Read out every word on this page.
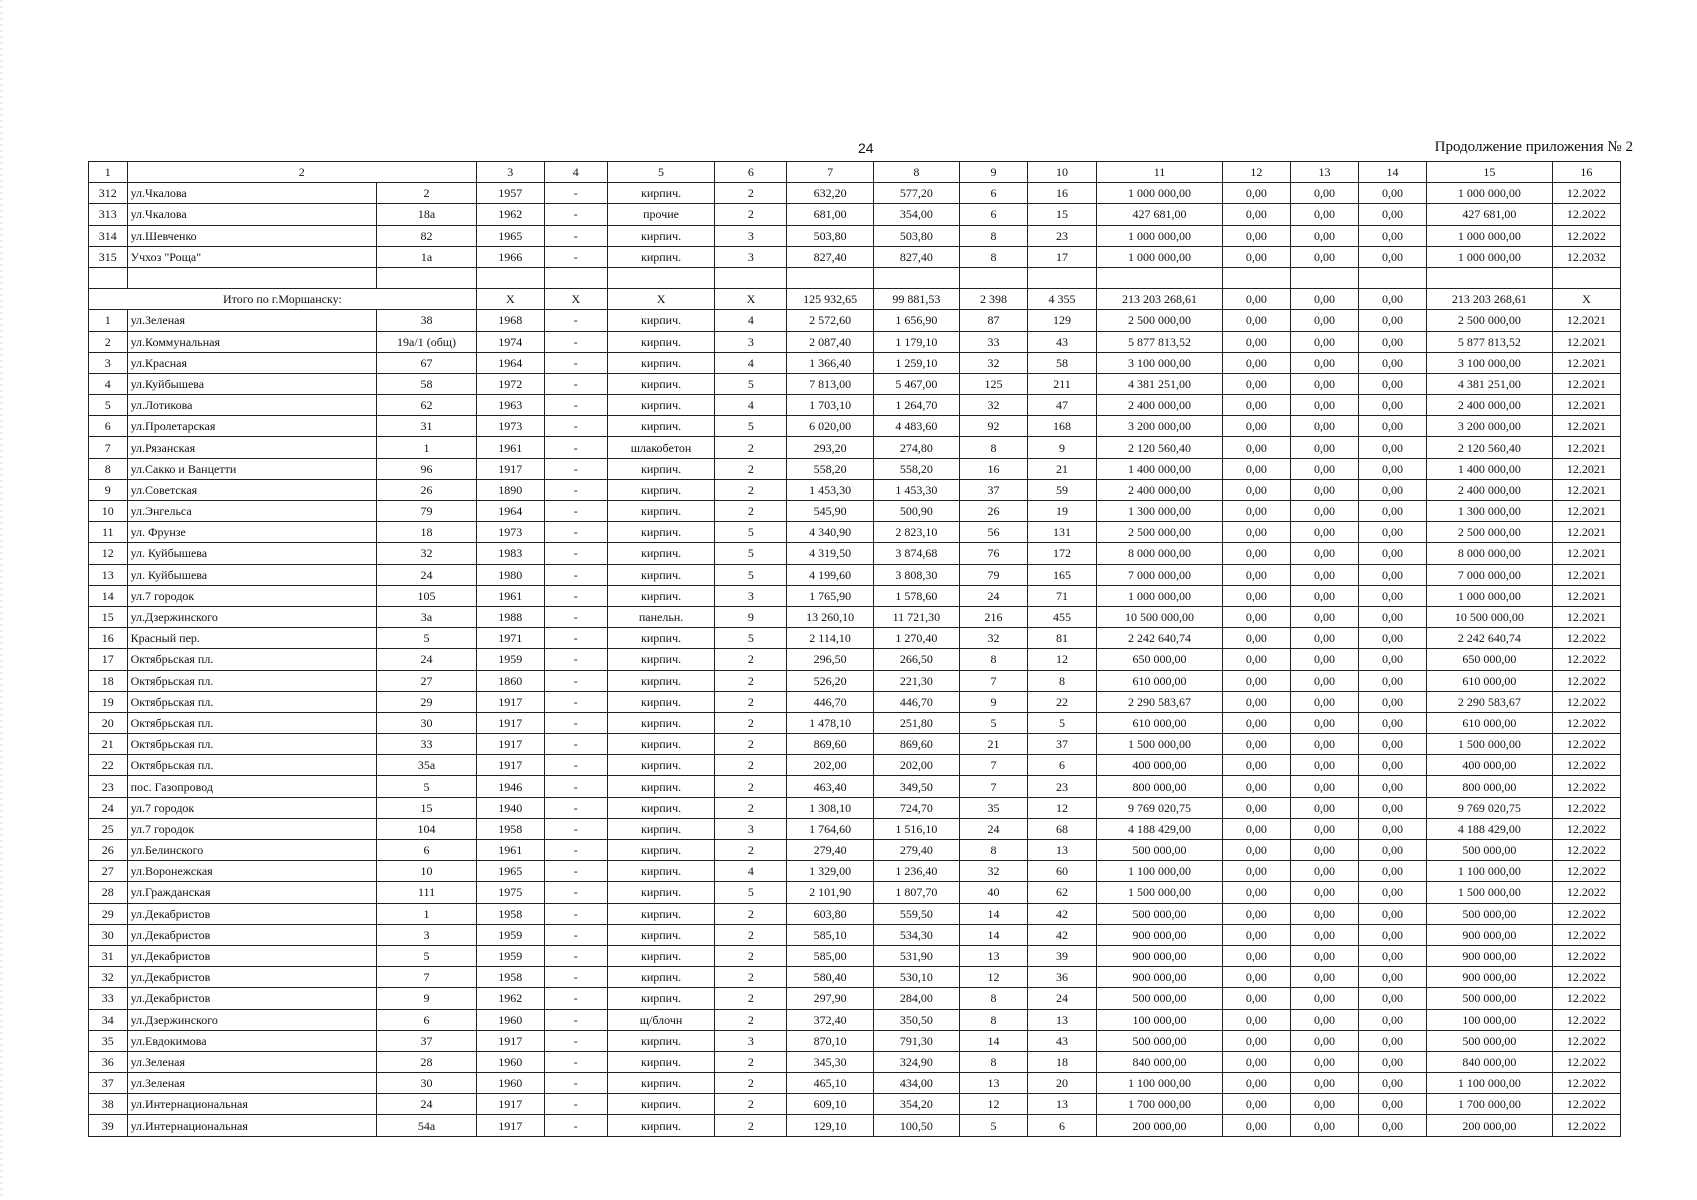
24	Продолжение приложения № 2
1	2		3	4	5	6	7	8	9	10	11	12	13	14	15	16
312	ул.Чкалова	2	1957	-	кирпич.	2	632,20	577,20	6	16	1 000 000,00	0,00	0,00	0,00	1 000 000,00	12.2022
313	ул.Чкалова	18а	1962	-	прочие	2	681,00	354,00	6	15	427 681,00	0,00	0,00	0,00	427 681,00	12.2022
314	ул.Шевченко	82	1965	-	кирпич.	3	503,80	503,80	8	23	1 000 000,00	0,00	0,00	0,00	1 000 000,00	12.2022
315	Учхоз "Роща"	1а	1966	-	кирпич.	3	827,40	827,40	8	17	1 000 000,00	0,00	0,00	0,00	1 000 000,00	12.2032

Итого по г.Моршанску:			X	X	X	X	125 932,65	99 881,53	2 398	4 355	213 203 268,61	0,00	0,00	0,00	213 203 268,61	X
1	ул.Зеленая	38	1968	-	кирпич.	4	2 572,60	1 656,90	87	129	2 500 000,00	0,00	0,00	0,00	2 500 000,00	12.2021
2	ул.Коммунальная	19а/1 (общ)	1974	-	кирпич.	3	2 087,40	1 179,10	33	43	5 877 813,52	0,00	0,00	0,00	5 877 813,52	12.2021
3	ул.Красная	67	1964	-	кирпич.	4	1 366,40	1 259,10	32	58	3 100 000,00	0,00	0,00	0,00	3 100 000,00	12.2021
4	ул.Куйбышева	58	1972	-	кирпич.	5	7 813,00	5 467,00	125	211	4 381 251,00	0,00	0,00	0,00	4 381 251,00	12.2021
5	ул.Лотикова	62	1963	-	кирпич.	4	1 703,10	1 264,70	32	47	2 400 000,00	0,00	0,00	0,00	2 400 000,00	12.2021
6	ул.Пролетарская	31	1973	-	кирпич.	5	6 020,00	4 483,60	92	168	3 200 000,00	0,00	0,00	0,00	3 200 000,00	12.2021
7	ул.Рязанская	1	1961	-	шлакобетон	2	293,20	274,80	8	9	2 120 560,40	0,00	0,00	0,00	2 120 560,40	12.2021
8	ул.Сакко и Ванцетти	96	1917	-	кирпич.	2	558,20	558,20	16	21	1 400 000,00	0,00	0,00	0,00	1 400 000,00	12.2021
9	ул.Советская	26	1890	-	кирпич.	2	1 453,30	1 453,30	37	59	2 400 000,00	0,00	0,00	0,00	2 400 000,00	12.2021
10	ул.Энгельса	79	1964	-	кирпич.	2	545,90	500,90	26	19	1 300 000,00	0,00	0,00	0,00	1 300 000,00	12.2021
11	ул. Фрунзе	18	1973	-	кирпич.	5	4 340,90	2 823,10	56	131	2 500 000,00	0,00	0,00	0,00	2 500 000,00	12.2021
12	ул. Куйбышева	32	1983	-	кирпич.	5	4 319,50	3 874,68	76	172	8 000 000,00	0,00	0,00	0,00	8 000 000,00	12.2021
13	ул. Куйбышева	24	1980	-	кирпич.	5	4 199,60	3 808,30	79	165	7 000 000,00	0,00	0,00	0,00	7 000 000,00	12.2021
14	ул.7 городок	105	1961	-	кирпич.	3	1 765,90	1 578,60	24	71	1 000 000,00	0,00	0,00	0,00	1 000 000,00	12.2021
15	ул.Дзержинского	3а	1988	-	панельн.	9	13 260,10	11 721,30	216	455	10 500 000,00	0,00	0,00	0,00	10 500 000,00	12.2021
16	Красный пер.	5	1971	-	кирпич.	5	2 114,10	1 270,40	32	81	2 242 640,74	0,00	0,00	0,00	2 242 640,74	12.2022
17	Октябрьская пл.	24	1959	-	кирпич.	2	296,50	266,50	8	12	650 000,00	0,00	0,00	0,00	650 000,00	12.2022
18	Октябрьская пл.	27	1860	-	кирпич.	2	526,20	221,30	7	8	610 000,00	0,00	0,00	0,00	610 000,00	12.2022
19	Октябрьская пл.	29	1917	-	кирпич.	2	446,70	446,70	9	22	2 290 583,67	0,00	0,00	0,00	2 290 583,67	12.2022
20	Октябрьская пл.	30	1917	-	кирпич.	2	1 478,10	251,80	5	5	610 000,00	0,00	0,00	0,00	610 000,00	12.2022
21	Октябрьская пл.	33	1917	-	кирпич.	2	869,60	869,60	21	37	1 500 000,00	0,00	0,00	0,00	1 500 000,00	12.2022
22	Октябрьская пл.	35а	1917	-	кирпич.	2	202,00	202,00	7	6	400 000,00	0,00	0,00	0,00	400 000,00	12.2022
23	пос. Газопровод	5	1946	-	кирпич.	2	463,40	349,50	7	23	800 000,00	0,00	0,00	0,00	800 000,00	12.2022
24	ул.7 городок	15	1940	-	кирпич.	2	1 308,10	724,70	35	12	9 769 020,75	0,00	0,00	0,00	9 769 020,75	12.2022
25	ул.7 городок	104	1958	-	кирпич.	3	1 764,60	1 516,10	24	68	4 188 429,00	0,00	0,00	0,00	4 188 429,00	12.2022
26	ул.Белинского	6	1961	-	кирпич.	2	279,40	279,40	8	13	500 000,00	0,00	0,00	0,00	500 000,00	12.2022
27	ул.Воронежская	10	1965	-	кирпич.	4	1 329,00	1 236,40	32	60	1 100 000,00	0,00	0,00	0,00	1 100 000,00	12.2022
28	ул.Гражданская	111	1975	-	кирпич.	5	2 101,90	1 807,70	40	62	1 500 000,00	0,00	0,00	0,00	1 500 000,00	12.2022
29	ул.Декабристов	1	1958	-	кирпич.	2	603,80	559,50	14	42	500 000,00	0,00	0,00	0,00	500 000,00	12.2022
30	ул.Декабристов	3	1959	-	кирпич.	2	585,10	534,30	14	42	900 000,00	0,00	0,00	0,00	900 000,00	12.2022
31	ул.Декабристов	5	1959	-	кирпич.	2	585,00	531,90	13	39	900 000,00	0,00	0,00	0,00	900 000,00	12.2022
32	ул.Декабристов	7	1958	-	кирпич.	2	580,40	530,10	12	36	900 000,00	0,00	0,00	0,00	900 000,00	12.2022
33	ул.Декабристов	9	1962	-	кирпич.	2	297,90	284,00	8	24	500 000,00	0,00	0,00	0,00	500 000,00	12.2022
34	ул.Дзержинского	6	1960	-	щ/блочн	2	372,40	350,50	8	13	100 000,00	0,00	0,00	0,00	100 000,00	12.2022
35	ул.Евдокимова	37	1917	-	кирпич.	3	870,10	791,30	14	43	500 000,00	0,00	0,00	0,00	500 000,00	12.2022
36	ул.Зеленая	28	1960	-	кирпич.	2	345,30	324,90	8	18	840 000,00	0,00	0,00	0,00	840 000,00	12.2022
37	ул.Зеленая	30	1960	-	кирпич.	2	465,10	434,00	13	20	1 100 000,00	0,00	0,00	0,00	1 100 000,00	12.2022
38	ул.Интернациональная	24	1917	-	кирпич.	2	609,10	354,20	12	13	1 700 000,00	0,00	0,00	0,00	1 700 000,00	12.2022
39	ул.Интернациональная	54а	1917	-	кирпич.	2	129,10	100,50	5	6	200 000,00	0,00	0,00	0,00	200 000,00	12.2022
